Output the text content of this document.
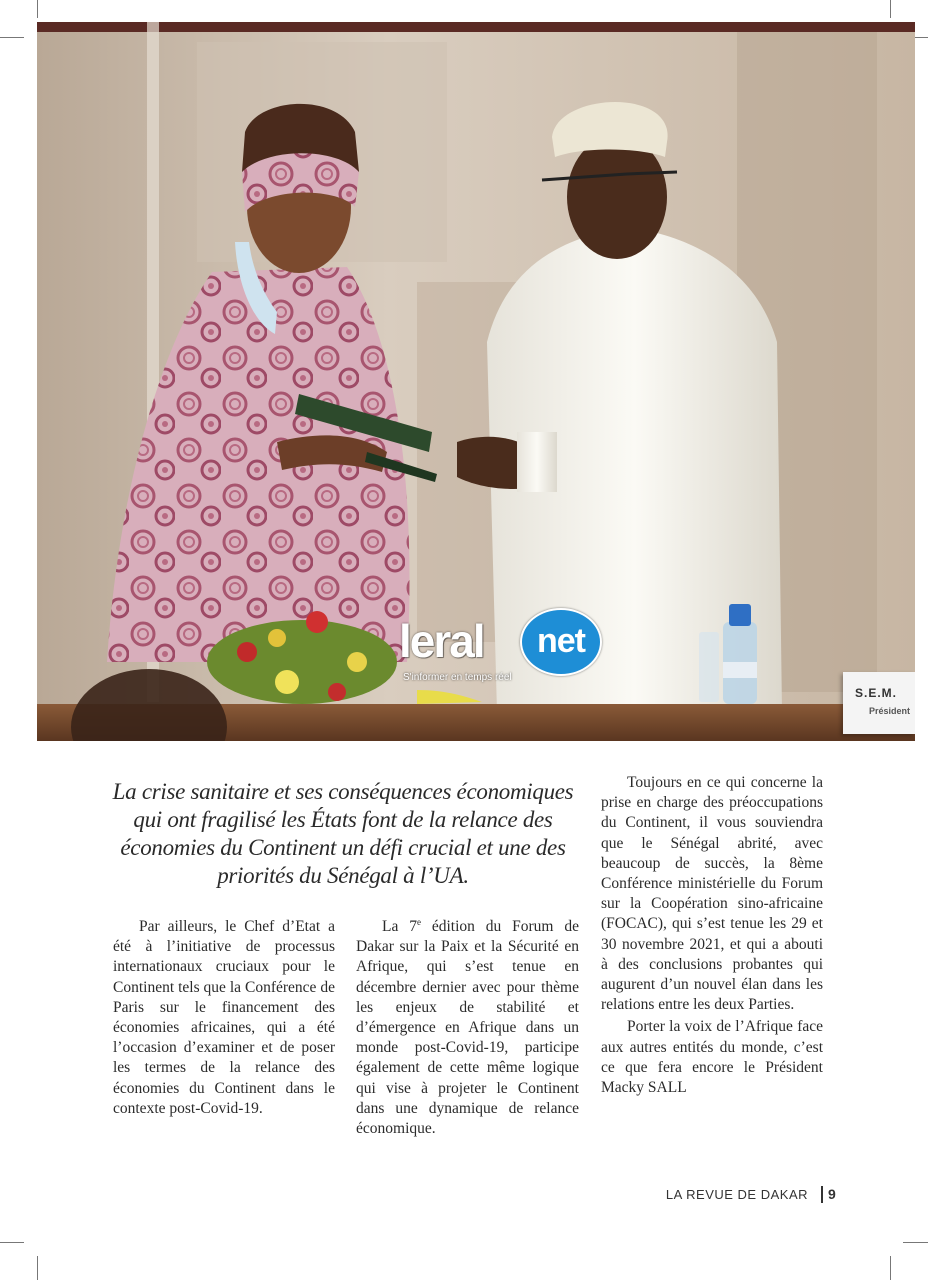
leral	net
S'informer en temps réel
S.E.M.
Président
La crise sanitaire et ses conséquences économiques qui ont fragilisé les États font de la relance des économies du Continent un défi crucial et une des priorités du Sénégal à l’UA.

Par ailleurs, le Chef d’Etat a été à l’initiative de processus internationaux cruciaux pour le Continent tels que la Conférence de Paris sur le financement des économies africaines, qui a été l’occasion d’examiner et de poser les termes de la relance des économies du Continent dans le contexte post-Covid-19.

La 7e édition du Forum de Dakar sur la Paix et la Sécurité en Afrique, qui s’est tenue en décembre dernier avec pour thème les enjeux de stabilité et d’émergence en Afrique dans un monde post-Covid-19, participe également de cette même logique qui vise à projeter le Continent dans une dynamique de relance économique.

Toujours en ce qui concerne la prise en charge des préoccupations du Continent, il vous souviendra que le Sénégal abrité, avec beaucoup de succès, la 8ème Conférence ministérielle du Forum sur la Coopération sino-africaine (FOCAC), qui s’est tenue les 29 et 30 novembre 2021, et qui a abouti à des conclusions probantes qui augurent d’un nouvel élan dans les relations entre les deux Parties.

Porter la voix de l’Afrique face aux autres entités du monde, c’est ce que fera encore le Président Macky SALL

LA REVUE DE DAKAR 9
